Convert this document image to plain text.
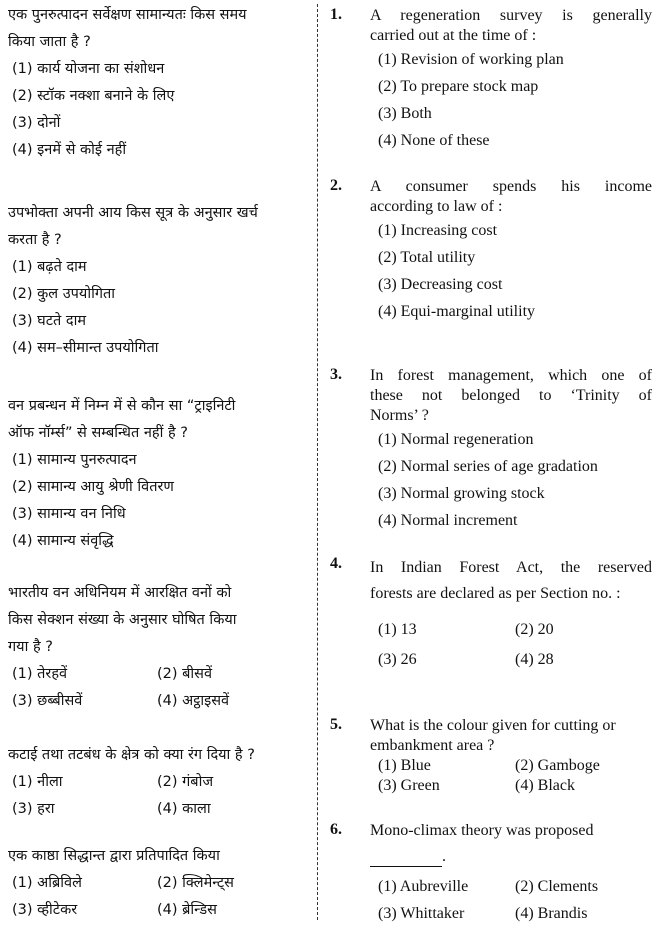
एक पुनरुत्पादन सर्वेक्षण सामान्यतः किस समय

किया जाता है ?

(1) कार्य योजना का संशोधन
(2) स्टॉक नक्शा बनाने के लिए
(3) दोनों
(4) इनमें से कोई नहीं

उपभोक्ता अपनी आय किस सूत्र के अनुसार खर्च

करता है ?

(1) बढ़ते दाम
(2) कुल उपयोगिता
(3) घटते दाम
(4) सम–सीमान्त उपयोगिता

वन प्रबन्धन में निम्न में से कौन सा “ट्राइनिटी

ऑफ नॉर्म्स” से सम्बन्धित नहीं है ?

(1) सामान्य पुनरुत्पादन
(2) सामान्य आयु श्रेणी वितरण
(3) सामान्य वन निधि
(4) सामान्य संवृद्धि

भारतीय वन अधिनियम में आरक्षित वनों को

किस सेक्शन संख्या के अनुसार घोषित किया

गया है ?

(1) तेरहवें	(2) बीसवें
(3) छब्बीसवें	(4) अट्ठाइसवें

कटाई तथा तटबंध के क्षेत्र को क्या रंग दिया है ?

(1) नीला	(2) गंबोज
(3) हरा	(4) काला

एक काष्ठा सिद्धान्त द्वारा प्रतिपादित किया

(1) अब्रिविले	(2) क्लिमेन्ट्स
(3) व्हीटेकर	(4) ब्रेन्डिस
1.	A regeneration survey is generally

carried out at the time of :

(1) Revision of working plan
(2) To prepare stock map
(3) Both
(4) None of these
2.	A consumer spends his income

according to law of :

(1) Increasing cost
(2) Total utility
(3) Decreasing cost
(4) Equi-marginal utility
3.	In forest management, which one of

these not belonged to ‘Trinity of

Norms’ ?

(1) Normal regeneration
(2) Normal series of age gradation
(3) Normal growing stock
(4) Normal increment
4.	In Indian Forest Act, the reserved

forests are declared as per Section no. :

(1) 13	(2) 20
(3) 26	(4) 28
5.	What is the colour given for cutting or

embankment area ?

(1) Blue	(2) Gamboge
(3) Green	(4) Black
6.	Mono-climax theory was proposed

.

(1) Aubreville	(2) Clements
(3) Whittaker	(4) Brandis
